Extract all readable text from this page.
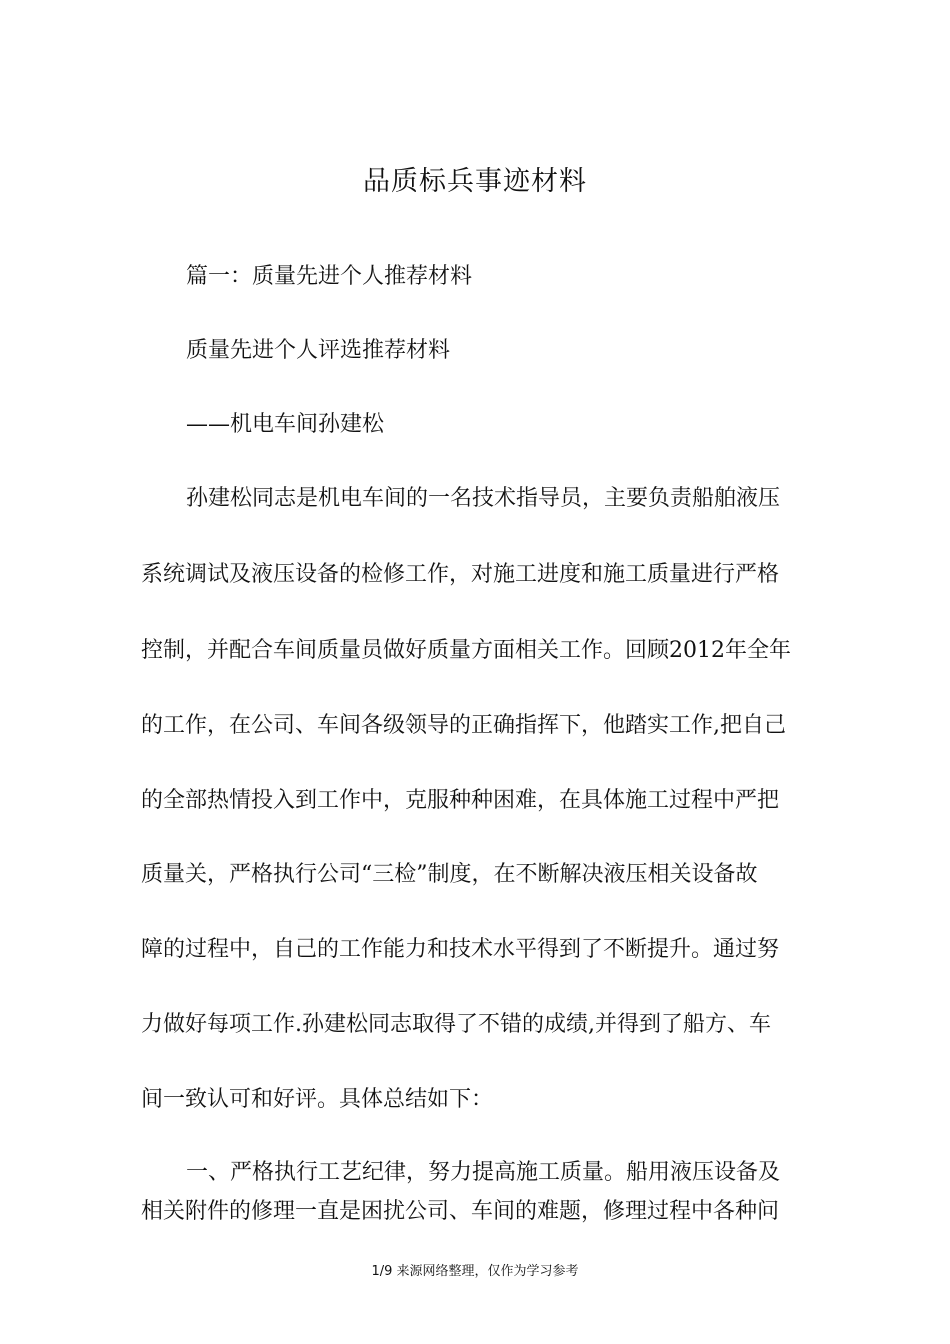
品质标兵事迹材料
篇一：质量先进个人推荐材料
质量先进个人评选推荐材料
——机电车间孙建松
孙建松同志是机电车间的一名技术指导员，主要负责船舶液压
系统调试及液压设备的检修工作，对施工进度和施工质量进行严格
控制，并配合车间质量员做好质量方面相关工作。回顾2012年全年
的工作，在公司、车间各级领导的正确指挥下，他踏实工作,把自己
的全部热情投入到工作中，克服种种困难，在具体施工过程中严把
质量关，严格执行公司“三检”制度，在不断解决液压相关设备故
障的过程中，自己的工作能力和技术水平得到了不断提升。通过努
力做好每项工作.孙建松同志取得了不错的成绩,并得到了船方、车
间一致认可和好评。具体总结如下：
一、严格执行工艺纪律，努力提高施工质量。船用液压设备及
相关附件的修理一直是困扰公司、车间的难题，修理过程中各种问
1/9 来源网络整理，仅作为学习参考
